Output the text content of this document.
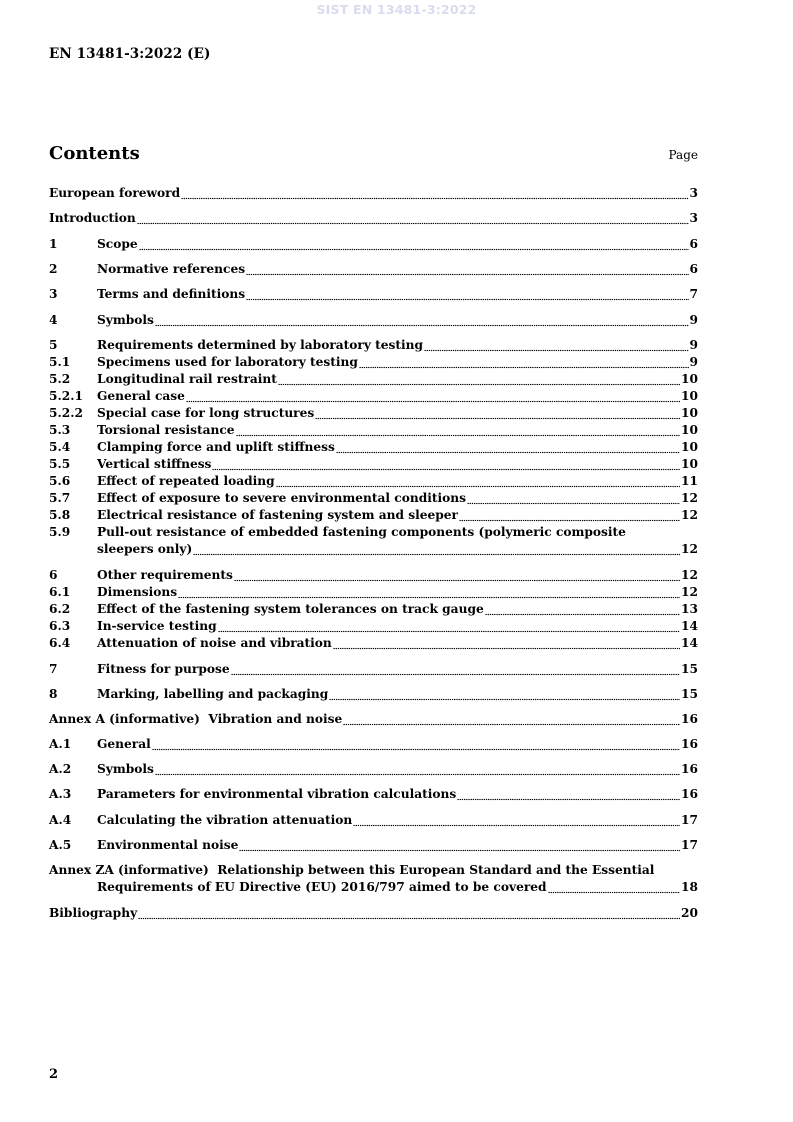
SIST EN 13481-3:2022
EN 13481-3:2022 (E)
Contents	Page
European foreword	3
Introduction	3
1	Scope	6
2	Normative references	6
3	Terms and definitions	7
4	Symbols	9
5	Requirements determined by laboratory testing	9
5.1	Specimens used for laboratory testing	9
5.2	Longitudinal rail restraint	10
5.2.1	General case	10
5.2.2	Special case for long structures	10
5.3	Torsional resistance	10
5.4	Clamping force and uplift stiffness	10
5.5	Vertical stiffness	10
5.6	Effect of repeated loading	11
5.7	Effect of exposure to severe environmental conditions	12
5.8	Electrical resistance of fastening system and sleeper	12
5.9	Pull-out resistance of embedded fastening components (polymeric composite
sleepers only)	12
6	Other requirements	12
6.1	Dimensions	12
6.2	Effect of the fastening system tolerances on track gauge	13
6.3	In-service testing	14
6.4	Attenuation of noise and vibration	14
7	Fitness for purpose	15
8	Marking, labelling and packaging	15
Annex A (informative)  Vibration and noise	16
A.1	General	16
A.2	Symbols	16
A.3	Parameters for environmental vibration calculations	16
A.4	Calculating the vibration attenuation	17
A.5	Environmental noise	17
Annex ZA (informative)  Relationship between this European Standard and the Essential
Requirements of EU Directive (EU) 2016/797 aimed to be covered	18
Bibliography	20
2
